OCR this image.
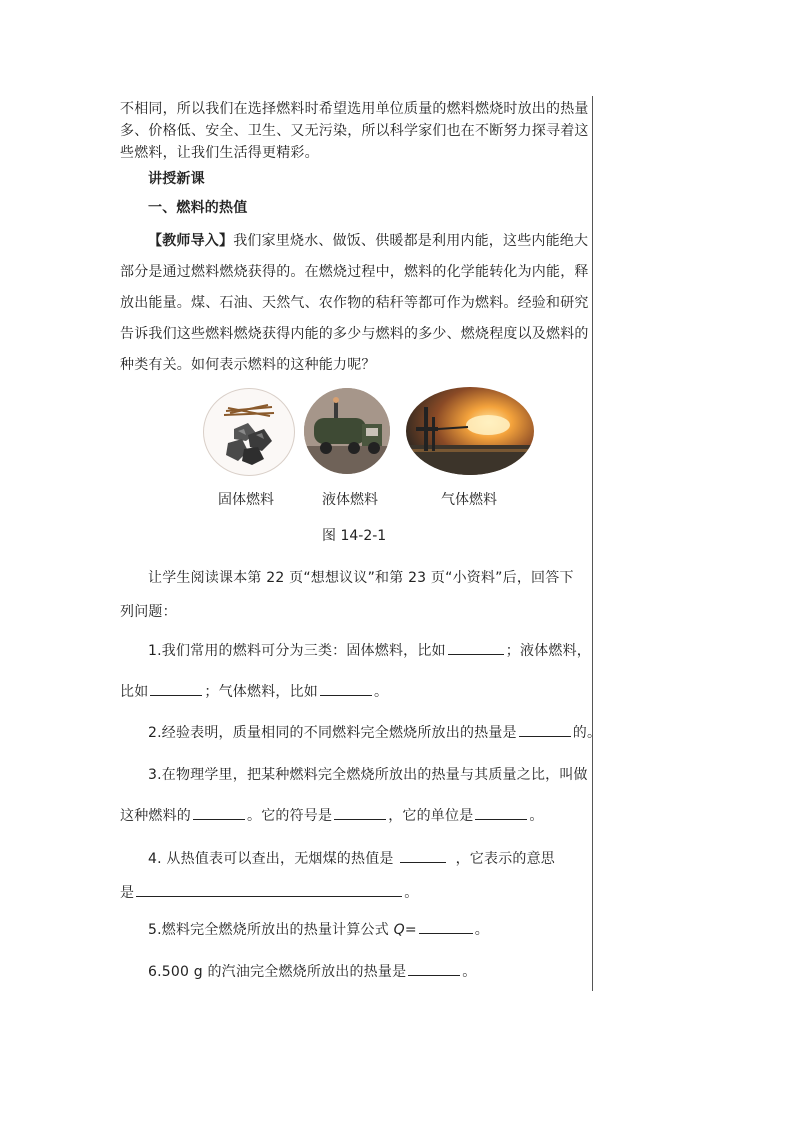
不相同，所以我们在选择燃料时希望选用单位质量的燃料燃烧时放出的热量
多、价格低、安全、卫生、又无污染，所以科学家们也在不断努力探寻着这
些燃料，让我们生活得更精彩。
讲授新课
一、燃料的热值
【教师导入】我们家里烧水、做饭、供暖都是利用内能，这些内能绝大
部分是通过燃料燃烧获得的。在燃烧过程中，燃料的化学能转化为内能，释
放出能量。煤、石油、天然气、农作物的秸秆等都可作为燃料。经验和研究
告诉我们这些燃料燃烧获得内能的多少与燃料的多少、燃烧程度以及燃料的
种类有关。如何表示燃料的这种能力呢？
固体燃料	液体燃料	气体燃料
图 14-2-1
让学生阅读课本第 22 页“想想议议”和第 23 页“小资料”后，回答下
列问题：
1.我们常用的燃料可分为三类：固体燃料，比如	；液体燃料，
比如	；气体燃料，比如	。
2.经验表明，质量相同的不同燃料完全燃烧所放出的热量是	的。
3.在物理学里，把某种燃料完全燃烧所放出的热量与其质量之比，叫做
这种燃料的	。它的符号是	，它的单位是	。
4. 从热值表可以查出，无烟煤的热值是	，它表示的意思
是	。
5.燃料完全燃烧所放出的热量计算公式 Q=	。
6.500 g 的汽油完全燃烧所放出的热量是	。
